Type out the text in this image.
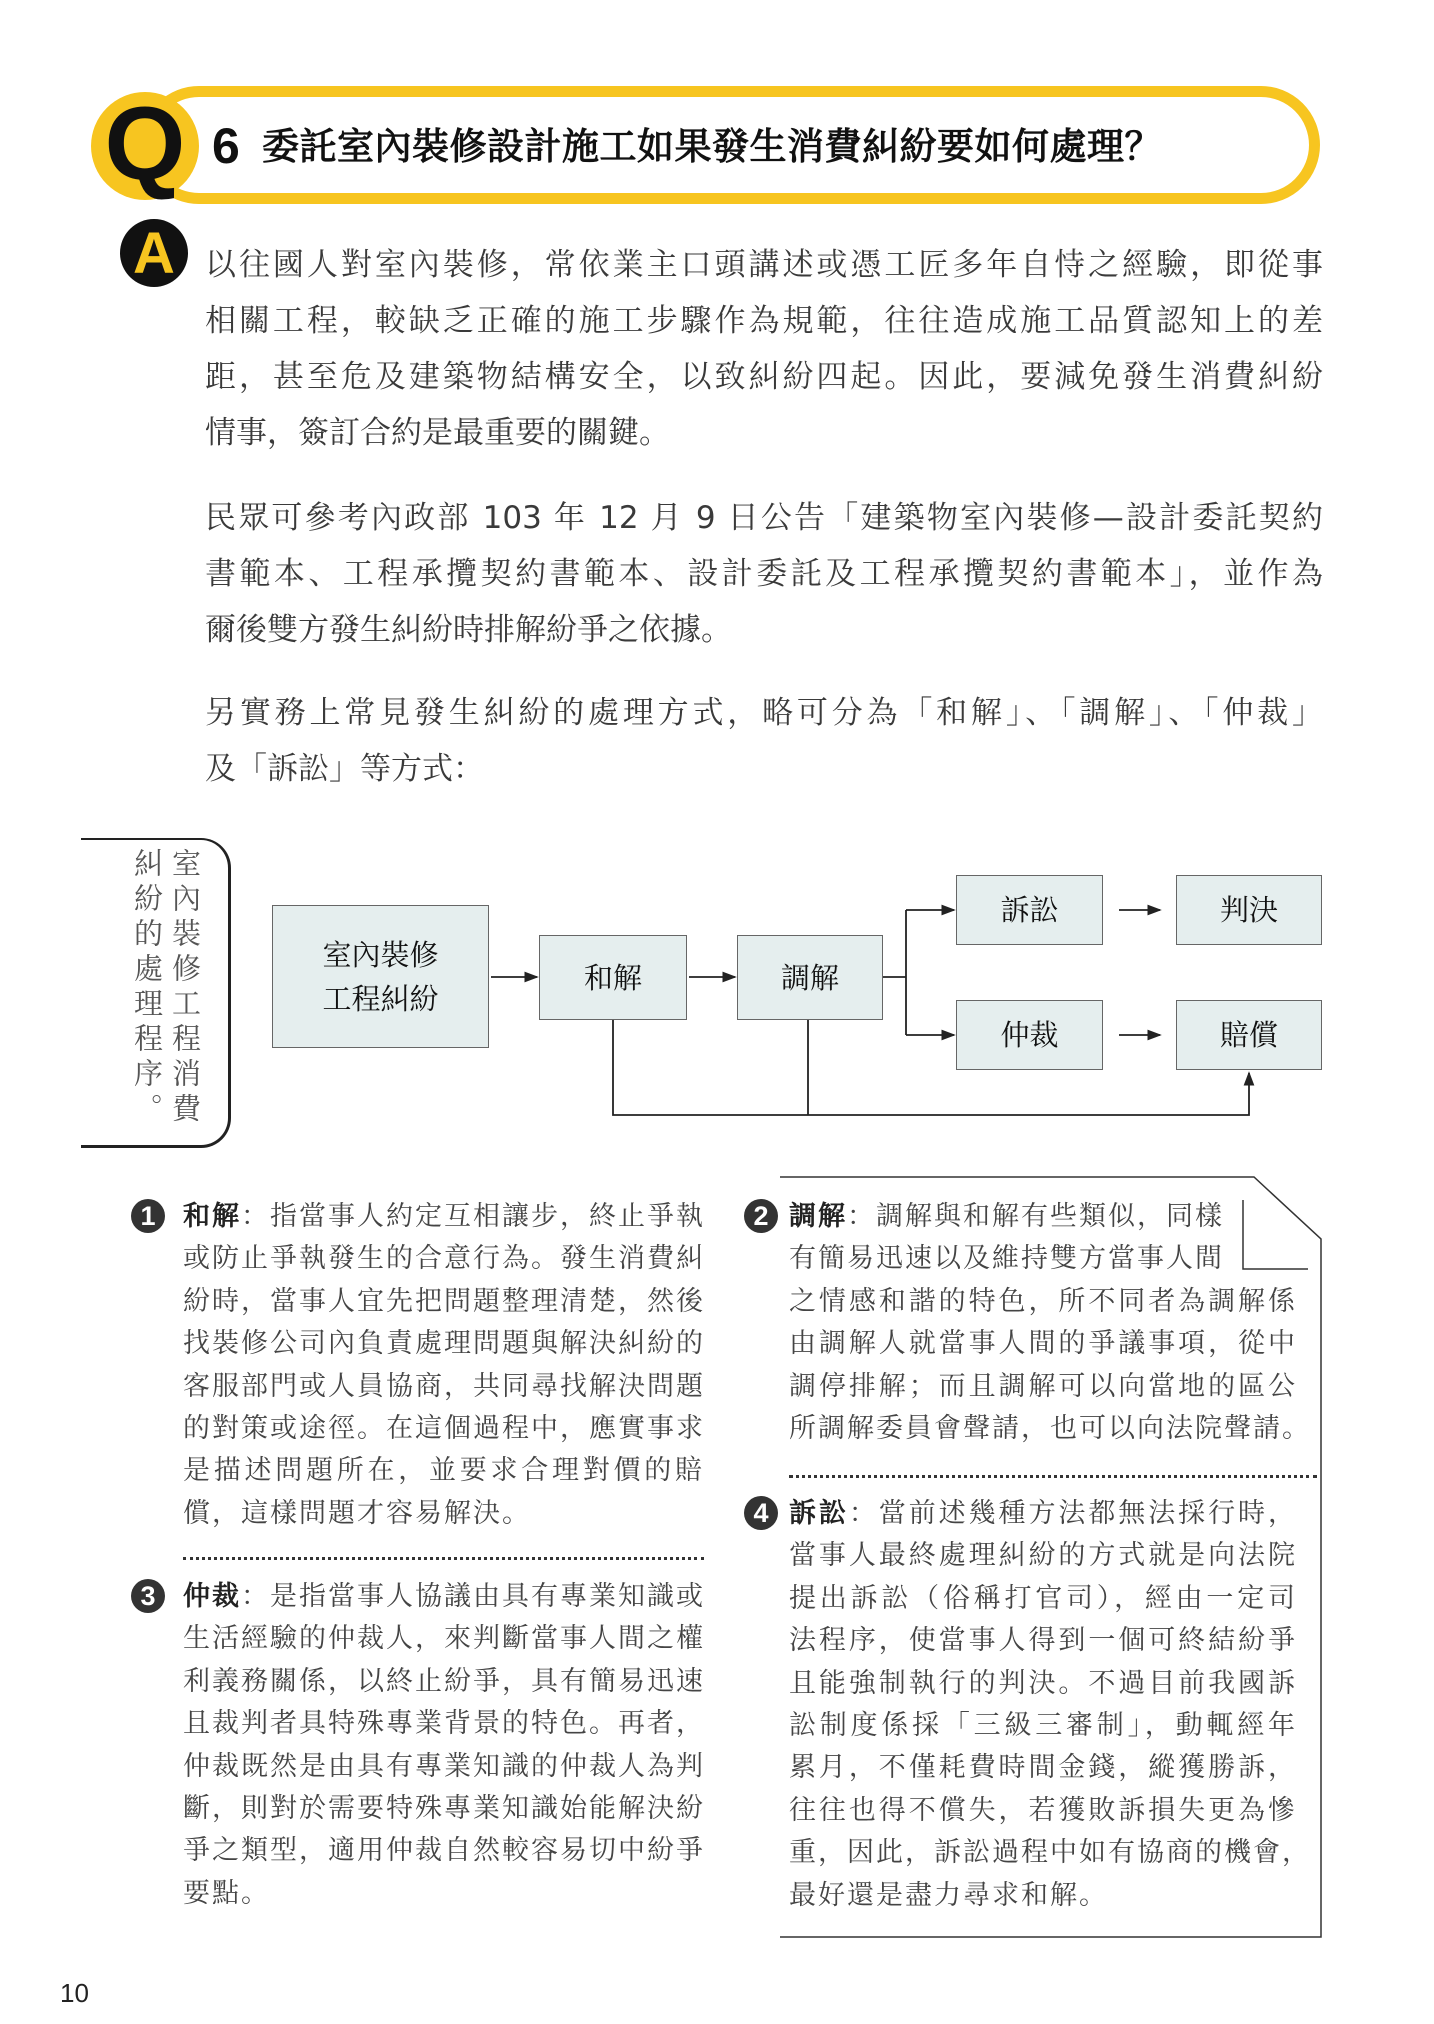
Q 6 委託室內裝修設計施工如果發生消費糾紛要如何處理？
A 以往國人對室內裝修，常依業主口頭講述或憑工匠多年自恃之經驗，即從事
相關工程，較缺乏正確的施工步驟作為規範，往往造成施工品質認知上的差
距，甚至危及建築物結構安全，以致糾紛四起。因此，要減免發生消費糾紛
情事，簽訂合約是最重要的關鍵。
民眾可參考內政部 103 年 12 月 9 日公告「建築物室內裝修—設計委託契約
書範本、工程承攬契約書範本、設計委託及工程承攬契約書範本」，並作為
爾後雙方發生糾紛時排解紛爭之依據。
另實務上常見發生糾紛的處理方式，略可分為「和解」、「調解」、「仲裁」
及「訴訟」等方式：
室內裝修工程消費糾紛的處理程序。	室內裝修
工程糾紛
和解	調解
訴訟	判決
仲裁	賠償
1	和解：指當事人約定互相讓步，終止爭執
或防止爭執發生的合意行為。發生消費糾
紛時，當事人宜先把問題整理清楚，然後
找裝修公司內負責處理問題與解決糾紛的
客服部門或人員協商，共同尋找解決問題
的對策或途徑。在這個過程中，應實事求
是描述問題所在，並要求合理對價的賠
償，這樣問題才容易解決。
3	仲裁：是指當事人協議由具有專業知識或
生活經驗的仲裁人，來判斷當事人間之權
利義務關係，以終止紛爭，具有簡易迅速
且裁判者具特殊專業背景的特色。再者，
仲裁既然是由具有專業知識的仲裁人為判
斷，則對於需要特殊專業知識始能解決紛
爭之類型，適用仲裁自然較容易切中紛爭
要點。
2 調解：調解與和解有些類似，同樣
有簡易迅速以及維持雙方當事人間
之情感和諧的特色，所不同者為調解係
由調解人就當事人間的爭議事項，從中
調停排解；而且調解可以向當地的區公
所調解委員會聲請，也可以向法院聲請。
4 訴訟：當前述幾種方法都無法採行時，
當事人最終處理糾紛的方式就是向法院
提出訴訟（俗稱打官司），經由一定司
法程序，使當事人得到一個可終結紛爭
且能強制執行的判決。不過目前我國訴
訟制度係採「三級三審制」，動輒經年
累月，不僅耗費時間金錢，縱獲勝訴，
往往也得不償失，若獲敗訴損失更為慘
重，因此，訴訟過程中如有協商的機會，
最好還是盡力尋求和解。
10
